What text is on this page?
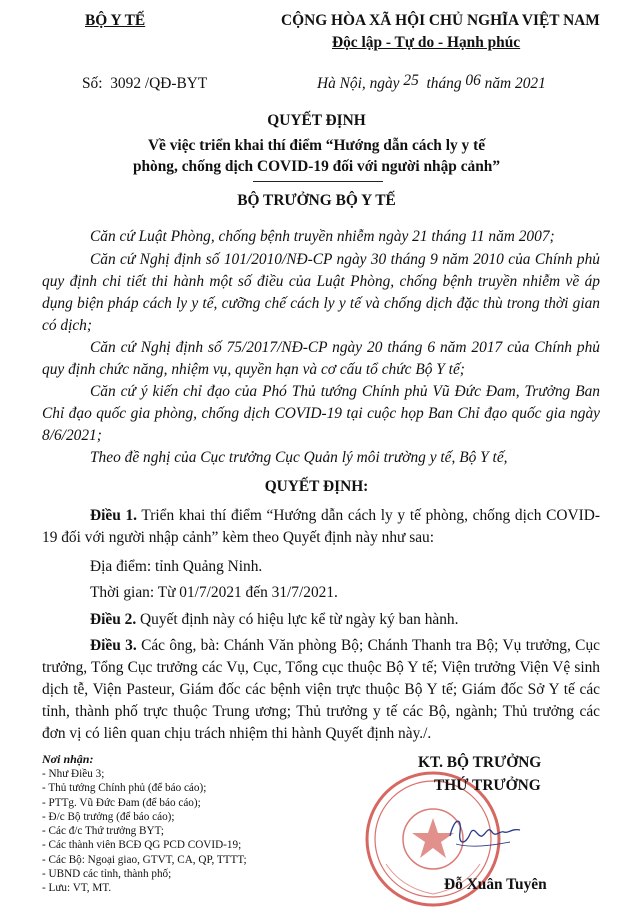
BỘ Y TẾ	CỘNG HÒA XÃ HỘI CHỦ NGHĨA VIỆT NAM
Độc lập - Tự do - Hạnh phúc
Số: 3092 /QĐ-BYT	Hà Nội, ngày 25 tháng 06 năm 2021
QUYẾT ĐỊNH
Về việc triển khai thí điểm “Hướng dẫn cách ly y tế
phòng, chống dịch COVID-19 đối với người nhập cảnh”
BỘ TRƯỞNG BỘ Y TẾ
Căn cứ Luật Phòng, chống bệnh truyền nhiễm ngày 21 tháng 11 năm 2007;
Căn cứ Nghị định số 101/2010/NĐ-CP ngày 30 tháng 9 năm 2010 của Chính phủ quy định chi tiết thi hành một số điều của Luật Phòng, chống bệnh truyền nhiễm về áp dụng biện pháp cách ly y tế, cưỡng chế cách ly y tế và chống dịch đặc thù trong thời gian có dịch;
Căn cứ Nghị định số 75/2017/NĐ-CP ngày 20 tháng 6 năm 2017 của Chính phủ quy định chức năng, nhiệm vụ, quyền hạn và cơ cấu tổ chức Bộ Y tế;
Căn cứ ý kiến chỉ đạo của Phó Thủ tướng Chính phủ Vũ Đức Đam, Trưởng Ban Chỉ đạo quốc gia phòng, chống dịch COVID-19 tại cuộc họp Ban Chỉ đạo quốc gia ngày 8/6/2021;
Theo đề nghị của Cục trưởng Cục Quản lý môi trường y tế, Bộ Y tế,
QUYẾT ĐỊNH:
Điều 1. Triển khai thí điểm “Hướng dẫn cách ly y tế phòng, chống dịch COVID-19 đối với người nhập cảnh” kèm theo Quyết định này như sau:
Địa điểm: tỉnh Quảng Ninh.
Thời gian: Từ 01/7/2021 đến 31/7/2021.
Điều 2. Quyết định này có hiệu lực kể từ ngày ký ban hành.
Điều 3. Các ông, bà: Chánh Văn phòng Bộ; Chánh Thanh tra Bộ; Vụ trưởng, Cục trưởng, Tổng Cục trưởng các Vụ, Cục, Tổng cục thuộc Bộ Y tế; Viện trưởng Viện Vệ sinh dịch tễ, Viện Pasteur, Giám đốc các bệnh viện trực thuộc Bộ Y tế; Giám đốc Sở Y tế các tỉnh, thành phố trực thuộc Trung ương; Thủ trưởng y tế các Bộ, ngành; Thủ trưởng các đơn vị có liên quan chịu trách nhiệm thi hành Quyết định này./.
Nơi nhận:
- Như Điều 3;
- Thủ tướng Chính phủ (để báo cáo);
- PTTg. Vũ Đức Đam (để báo cáo);
- Đ/c Bộ trưởng (để báo cáo);
- Các đ/c Thứ trưởng BYT;
- Các thành viên BCĐ QG PCD COVID-19;
- Các Bộ: Ngoại giao, GTVT, CA, QP, TTTT;
- UBND các tỉnh, thành phố;
- Lưu: VT, MT.
KT. BỘ TRƯỞNG
THỨ TRƯỞNG
Đỗ Xuân Tuyên
